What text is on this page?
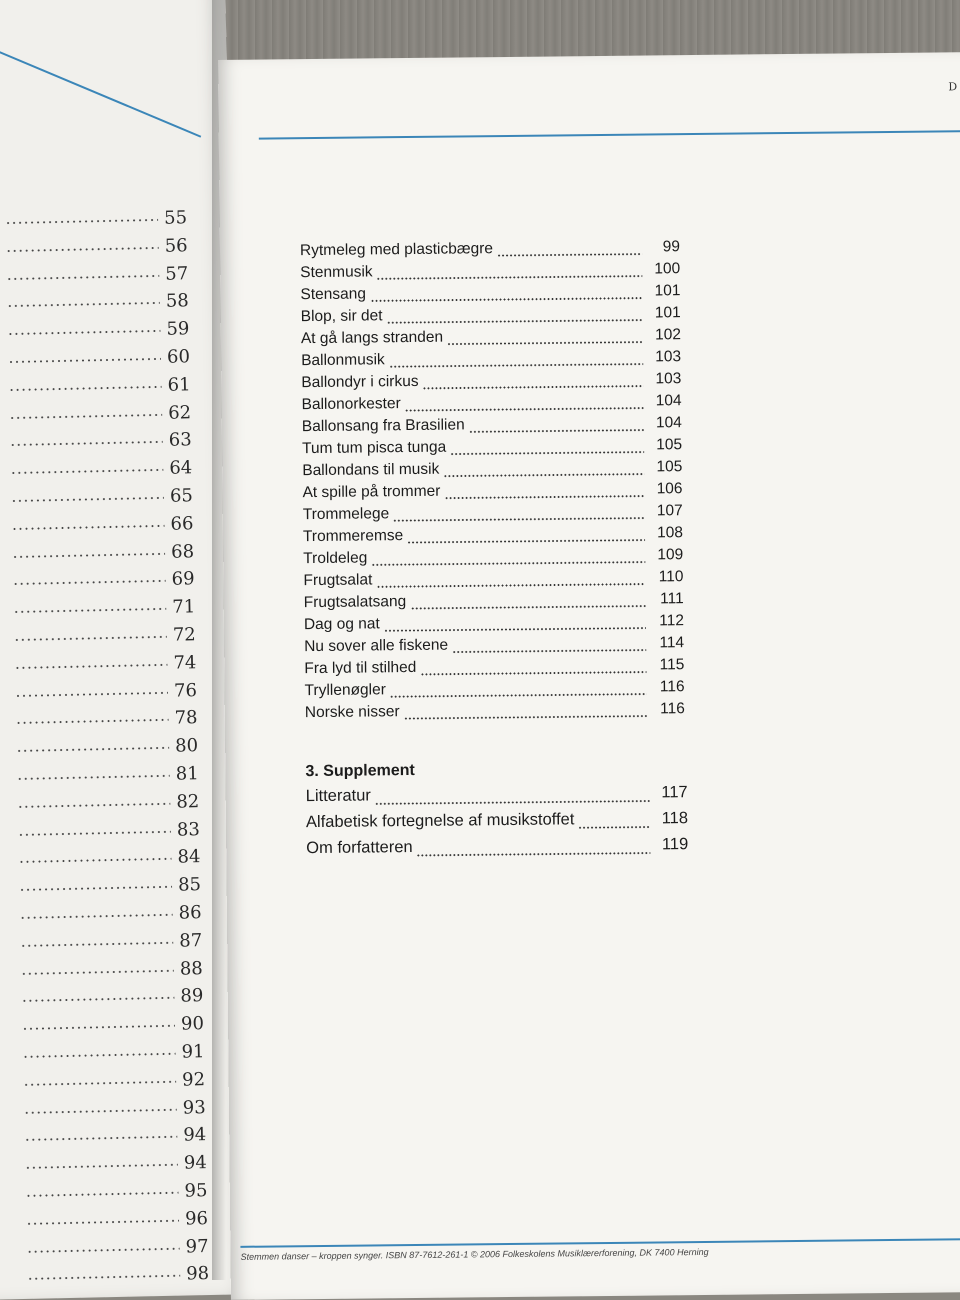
55
56
57
58
59
60
61
62
63
64
65
66
68
69
71
72
74
76
78
80
81
82
83
84
85
86
87
88
89
90
91
92
93
94
94
95
96
97
98
D
Rytmeleg med plasticbægre	99
Stenmusik	100
Stensang	101
Blop, sir det	101
At gå langs stranden	102
Ballonmusik	103
Ballondyr i cirkus	103
Ballonorkester	104
Ballonsang fra Brasilien	104
Tum tum pisca tunga	105
Ballondans til musik	105
At spille på trommer	106
Trommelege	107
Trommeremse	108
Troldeleg	109
Frugtsalat	110
Frugtsalatsang	111
Dag og nat	112
Nu sover alle fiskene	114
Fra lyd til stilhed	115
Tryllenøgler	116
Norske nisser	116
3. Supplement
Litteratur	117
Alfabetisk fortegnelse af musikstoffet	118
Om forfatteren	119
Stemmen danser – kroppen synger. ISBN 87-7612-261-1 © 2006 Folkeskolens Musiklærerforening, DK 7400 Herning
